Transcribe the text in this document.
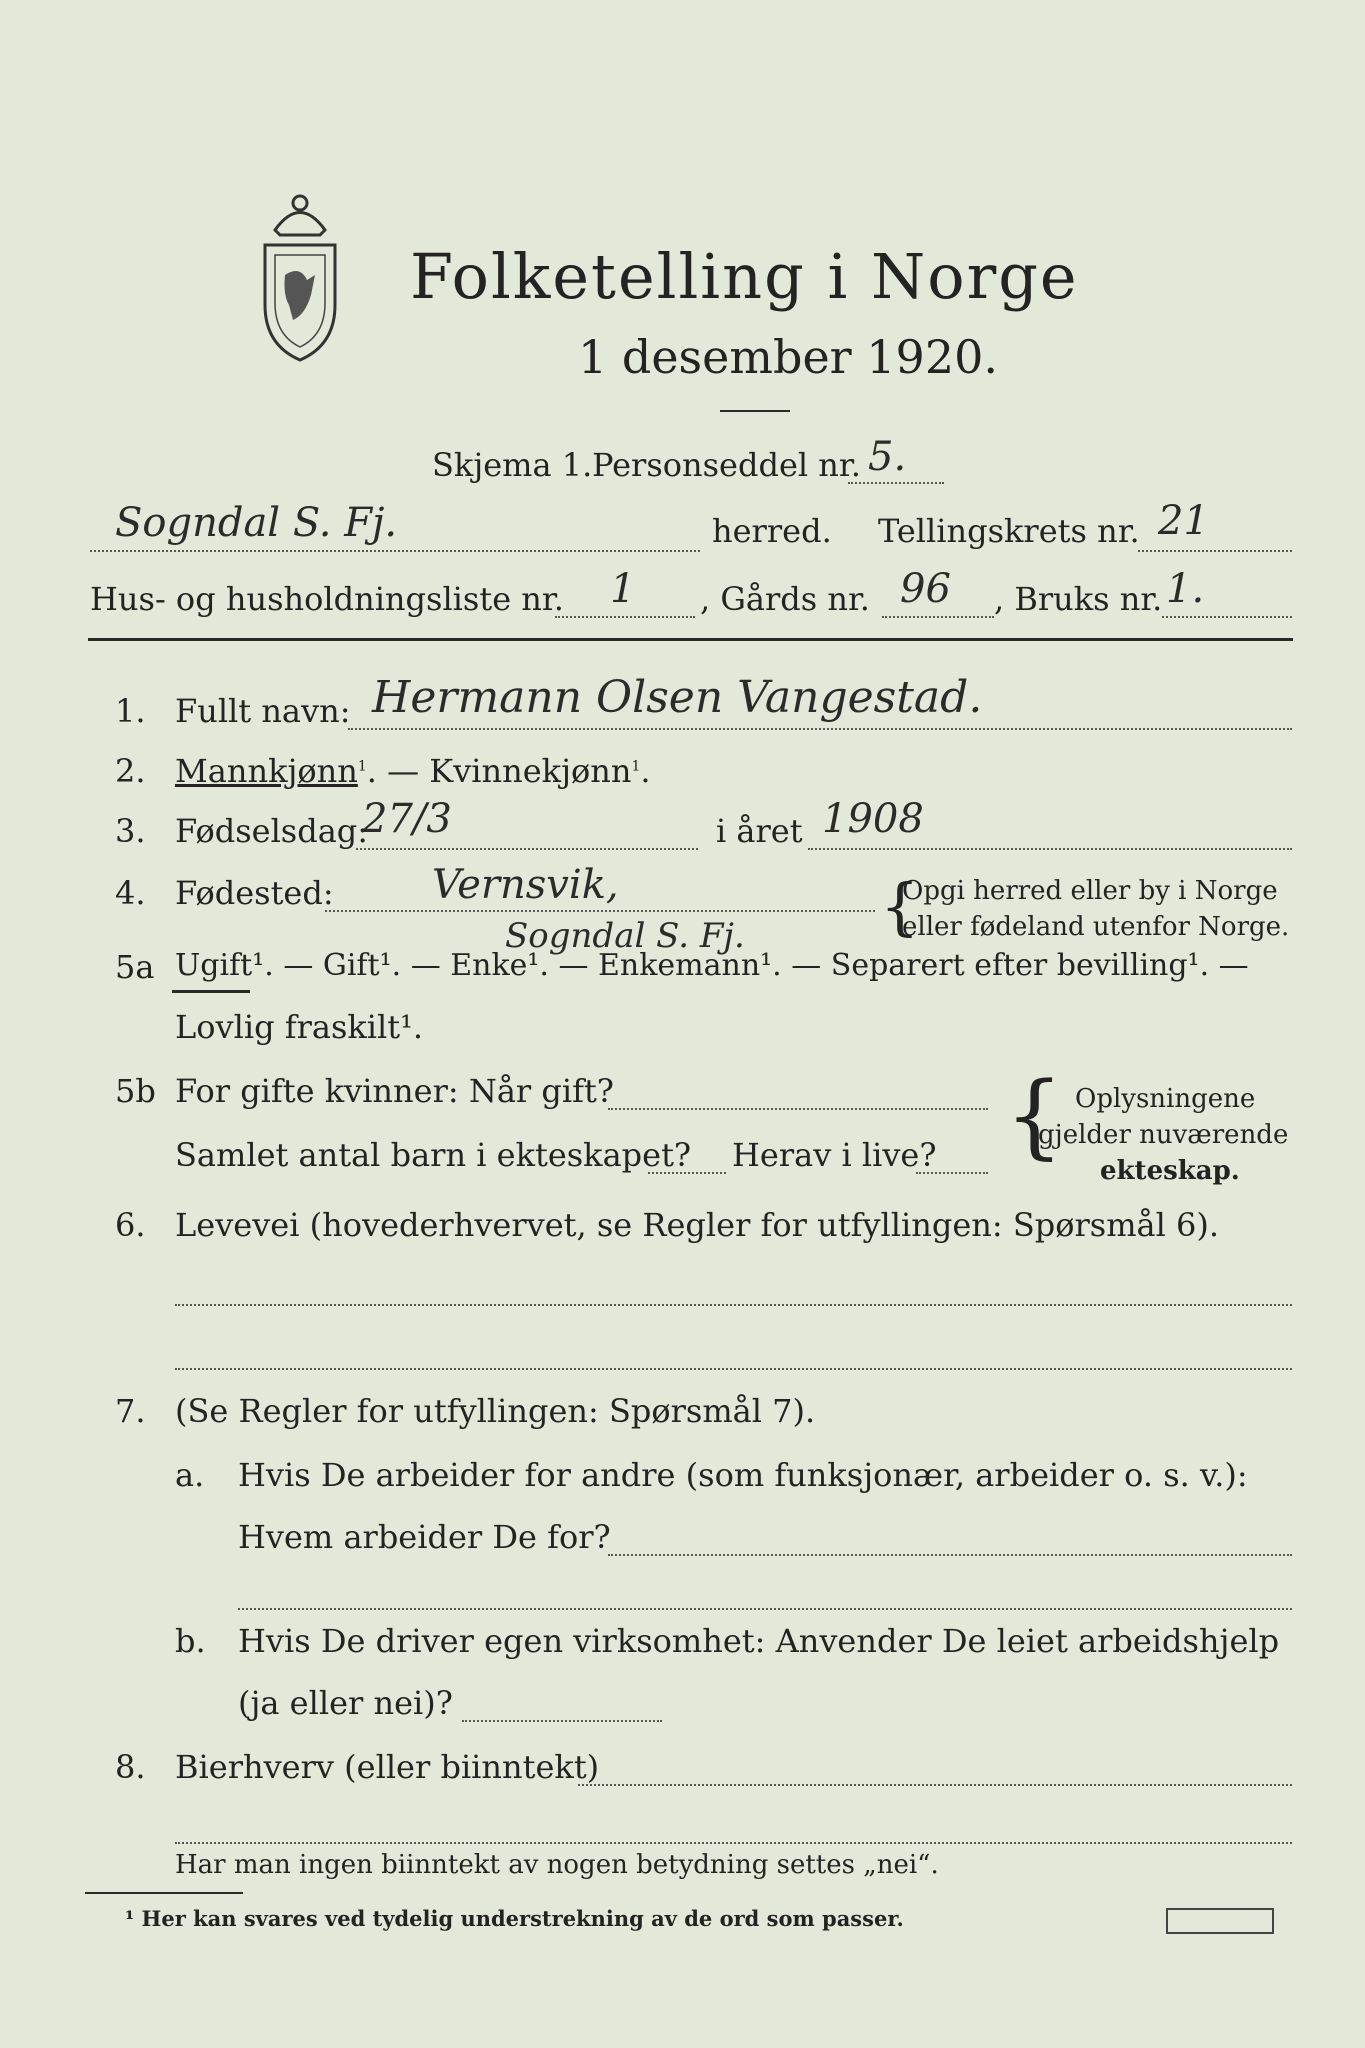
Folketelling i Norge
1 desember 1920.
Skjema 1. Personseddel nr. 5.
Sogndal S. Fj.	herred. Tellingskrets nr. 21
Hus- og husholdningsliste nr. 1 , Gårds nr. 96 , Bruks nr. 1.
1. Fullt navn: Hermann Olsen Vangestad.
2. Mannkjønn$^1$. — Kvinnekjønn$^1$.
3. Fødselsdag:
27/3	i året 1908
4. Fødested: Vernsvik,
Sogndal S. Fj. {
Opgi herred eller by i Norge
eller fødeland utenfor Norge.
5a Ugift¹. — Gift¹. — Enke¹. — Enkemann¹. — Separert efter bevilling¹. —
Lovlig fraskilt¹.
5b For gifte kvinner: Når gift?
Samlet antal barn i ekteskapet? Herav i live? { Oplysningene
gjelder nuværende
ekteskap.
6. Levevei (hovederhvervet, se Regler for utfyllingen: Spørsmål 6).
7. (Se Regler for utfyllingen: Spørsmål 7).
a. Hvis De arbeider for andre (som funksjonær, arbeider o. s. v.):
Hvem arbeider De for?
b. Hvis De driver egen virksomhet: Anvender De leiet arbeidshjelp
(ja eller nei)?
8. Bierhverv (eller biinntekt)
Har man ingen biinntekt av nogen betydning settes „nei“.
¹ Her kan svares ved tydelig understrekning av de ord som passer.
